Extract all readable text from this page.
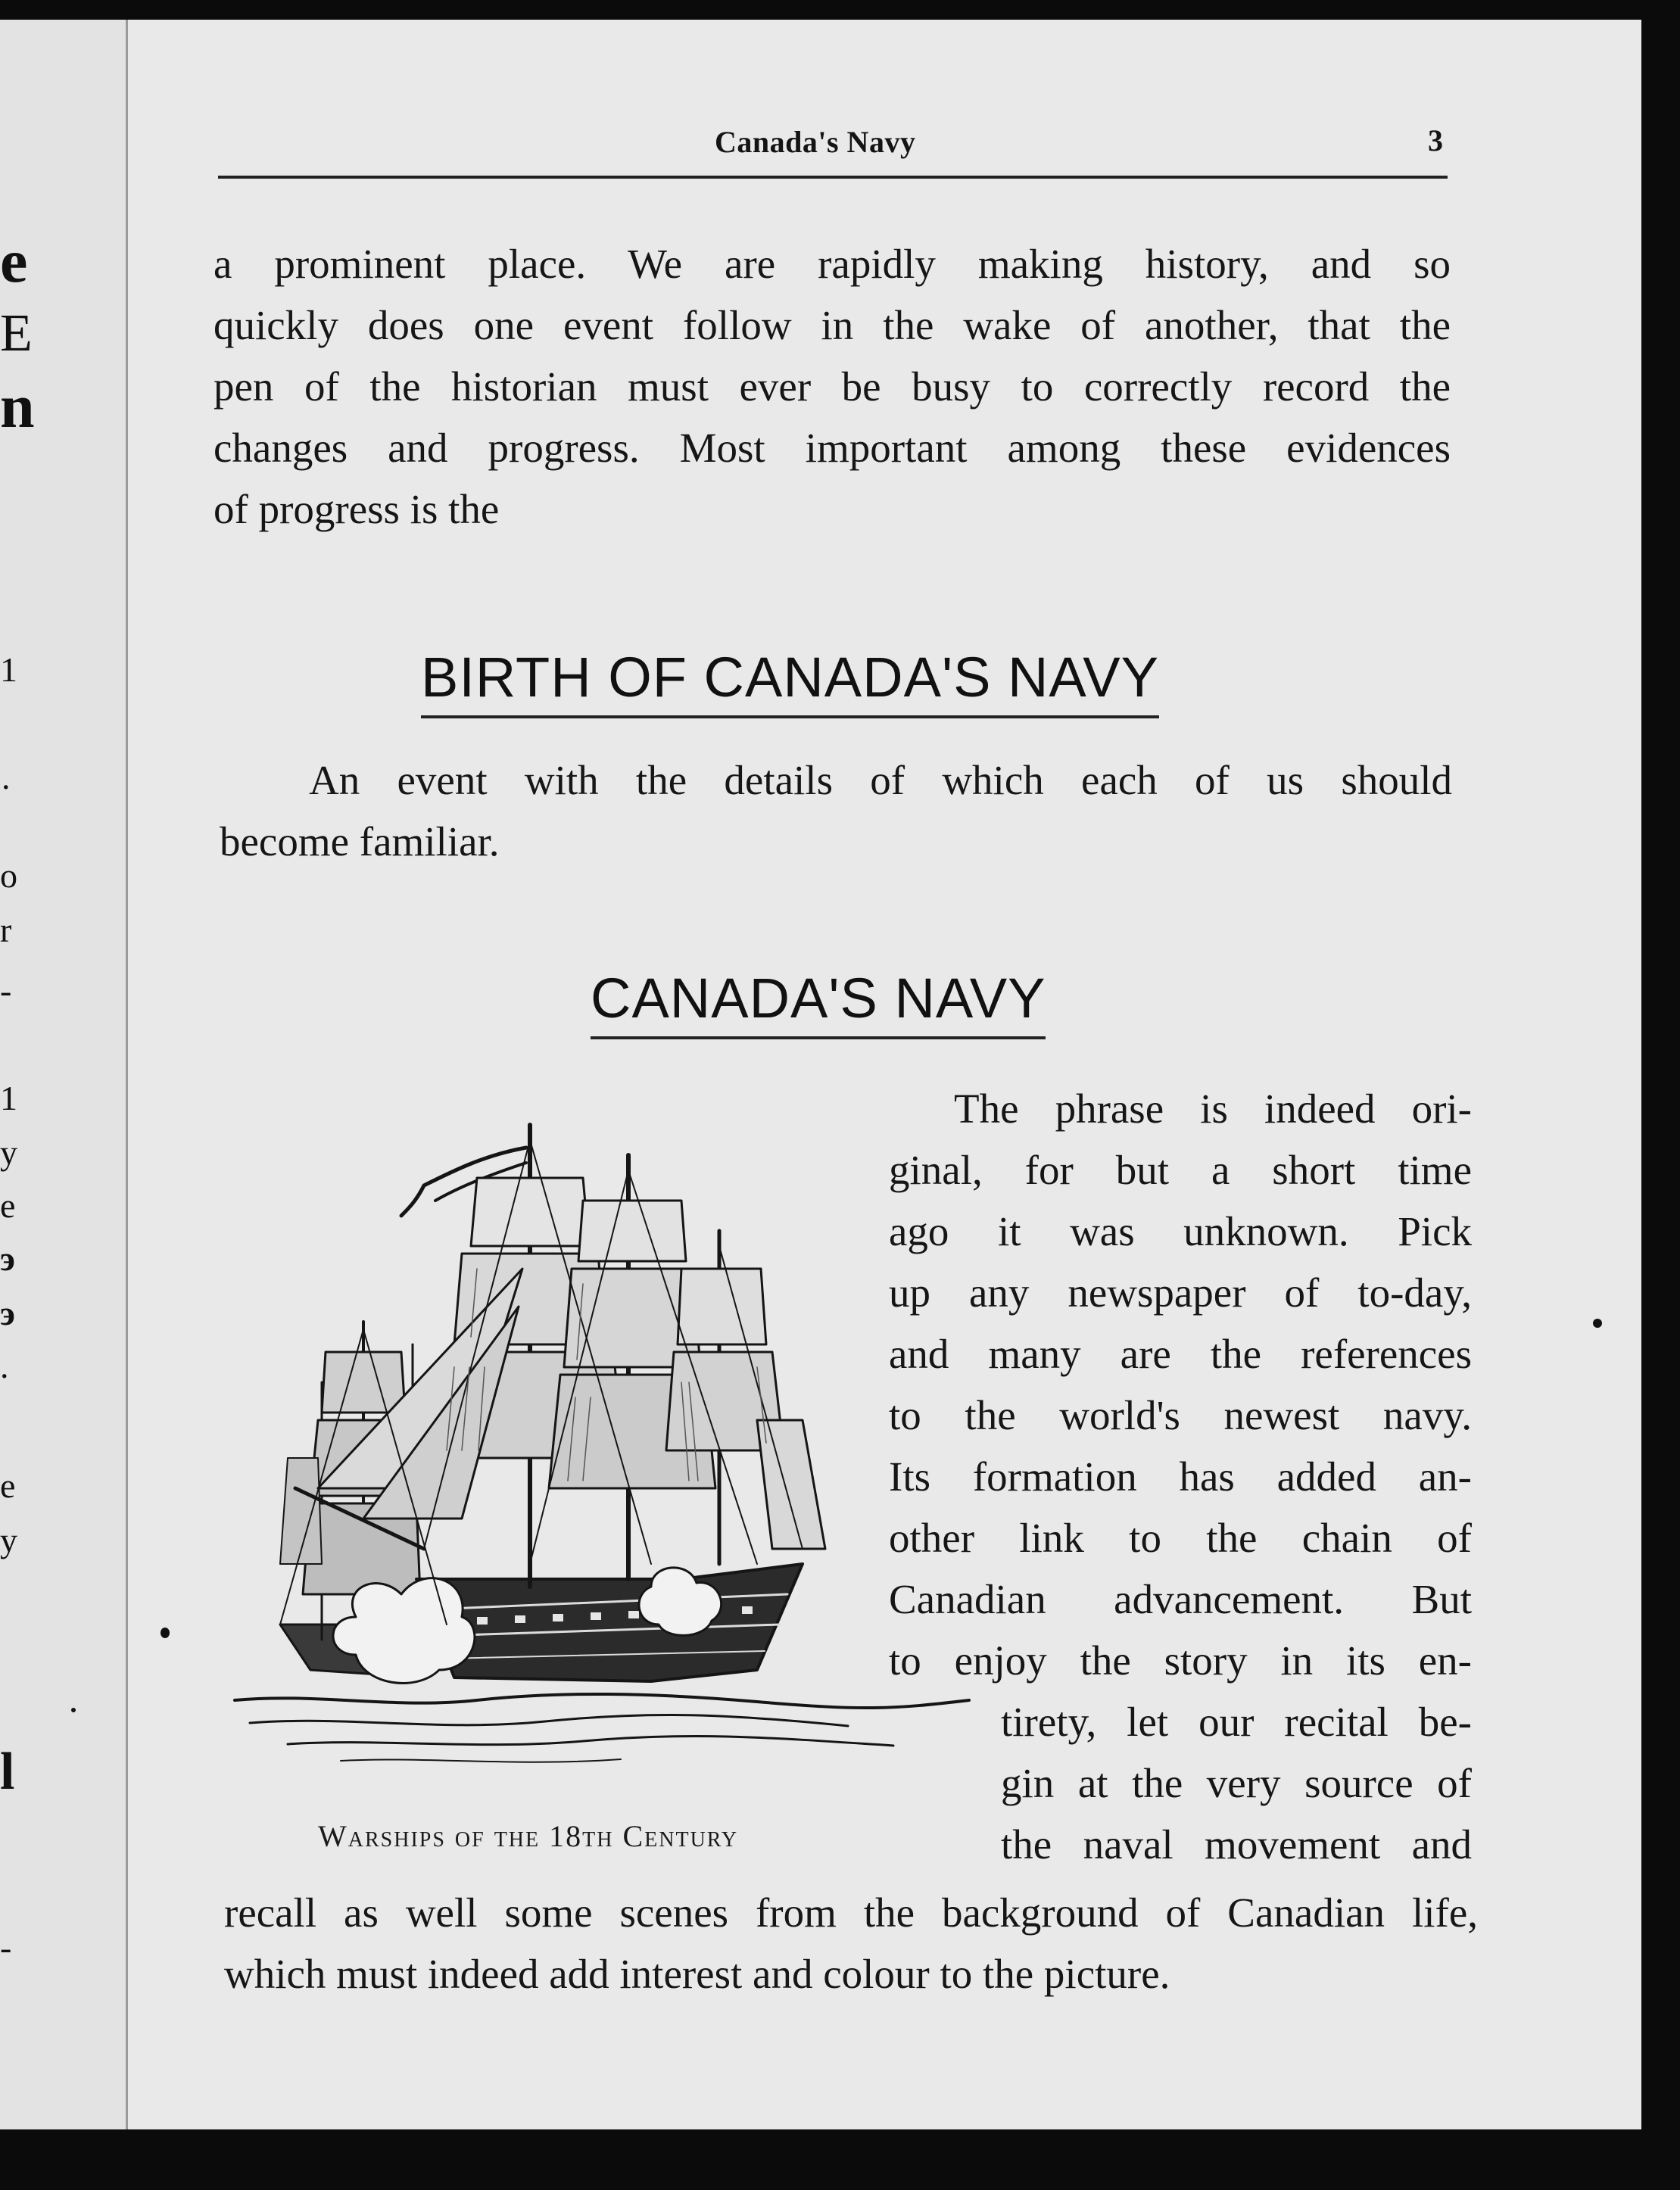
e
E
n
1
.
o
r
-
1
y
e
э
э
.
e
y
l
-
Canada's Navy	3
a prominent place. We are rapidly making history, and so
quickly does one event follow in the wake of another, that the
pen of the historian must ever be busy to correctly record the
changes and progress. Most important among these evidences
of progress is the
BIRTH OF CANADA'S NAVY
An event with the details of which each of us should
become familiar.
CANADA'S NAVY
Warships of the 18th Century
The phrase is indeed ori-
ginal, for but a short time
ago it was unknown. Pick
up any newspaper of to-day,
and many are the references
to the world's newest navy.
Its formation has added an-
other link to the chain of
Canadian advancement. But
to enjoy the story in its en-
tirety, let our recital be-
gin at the very source of
the naval movement and
recall as well some scenes from the background of Canadian life,
which must indeed add interest and colour to the picture.
